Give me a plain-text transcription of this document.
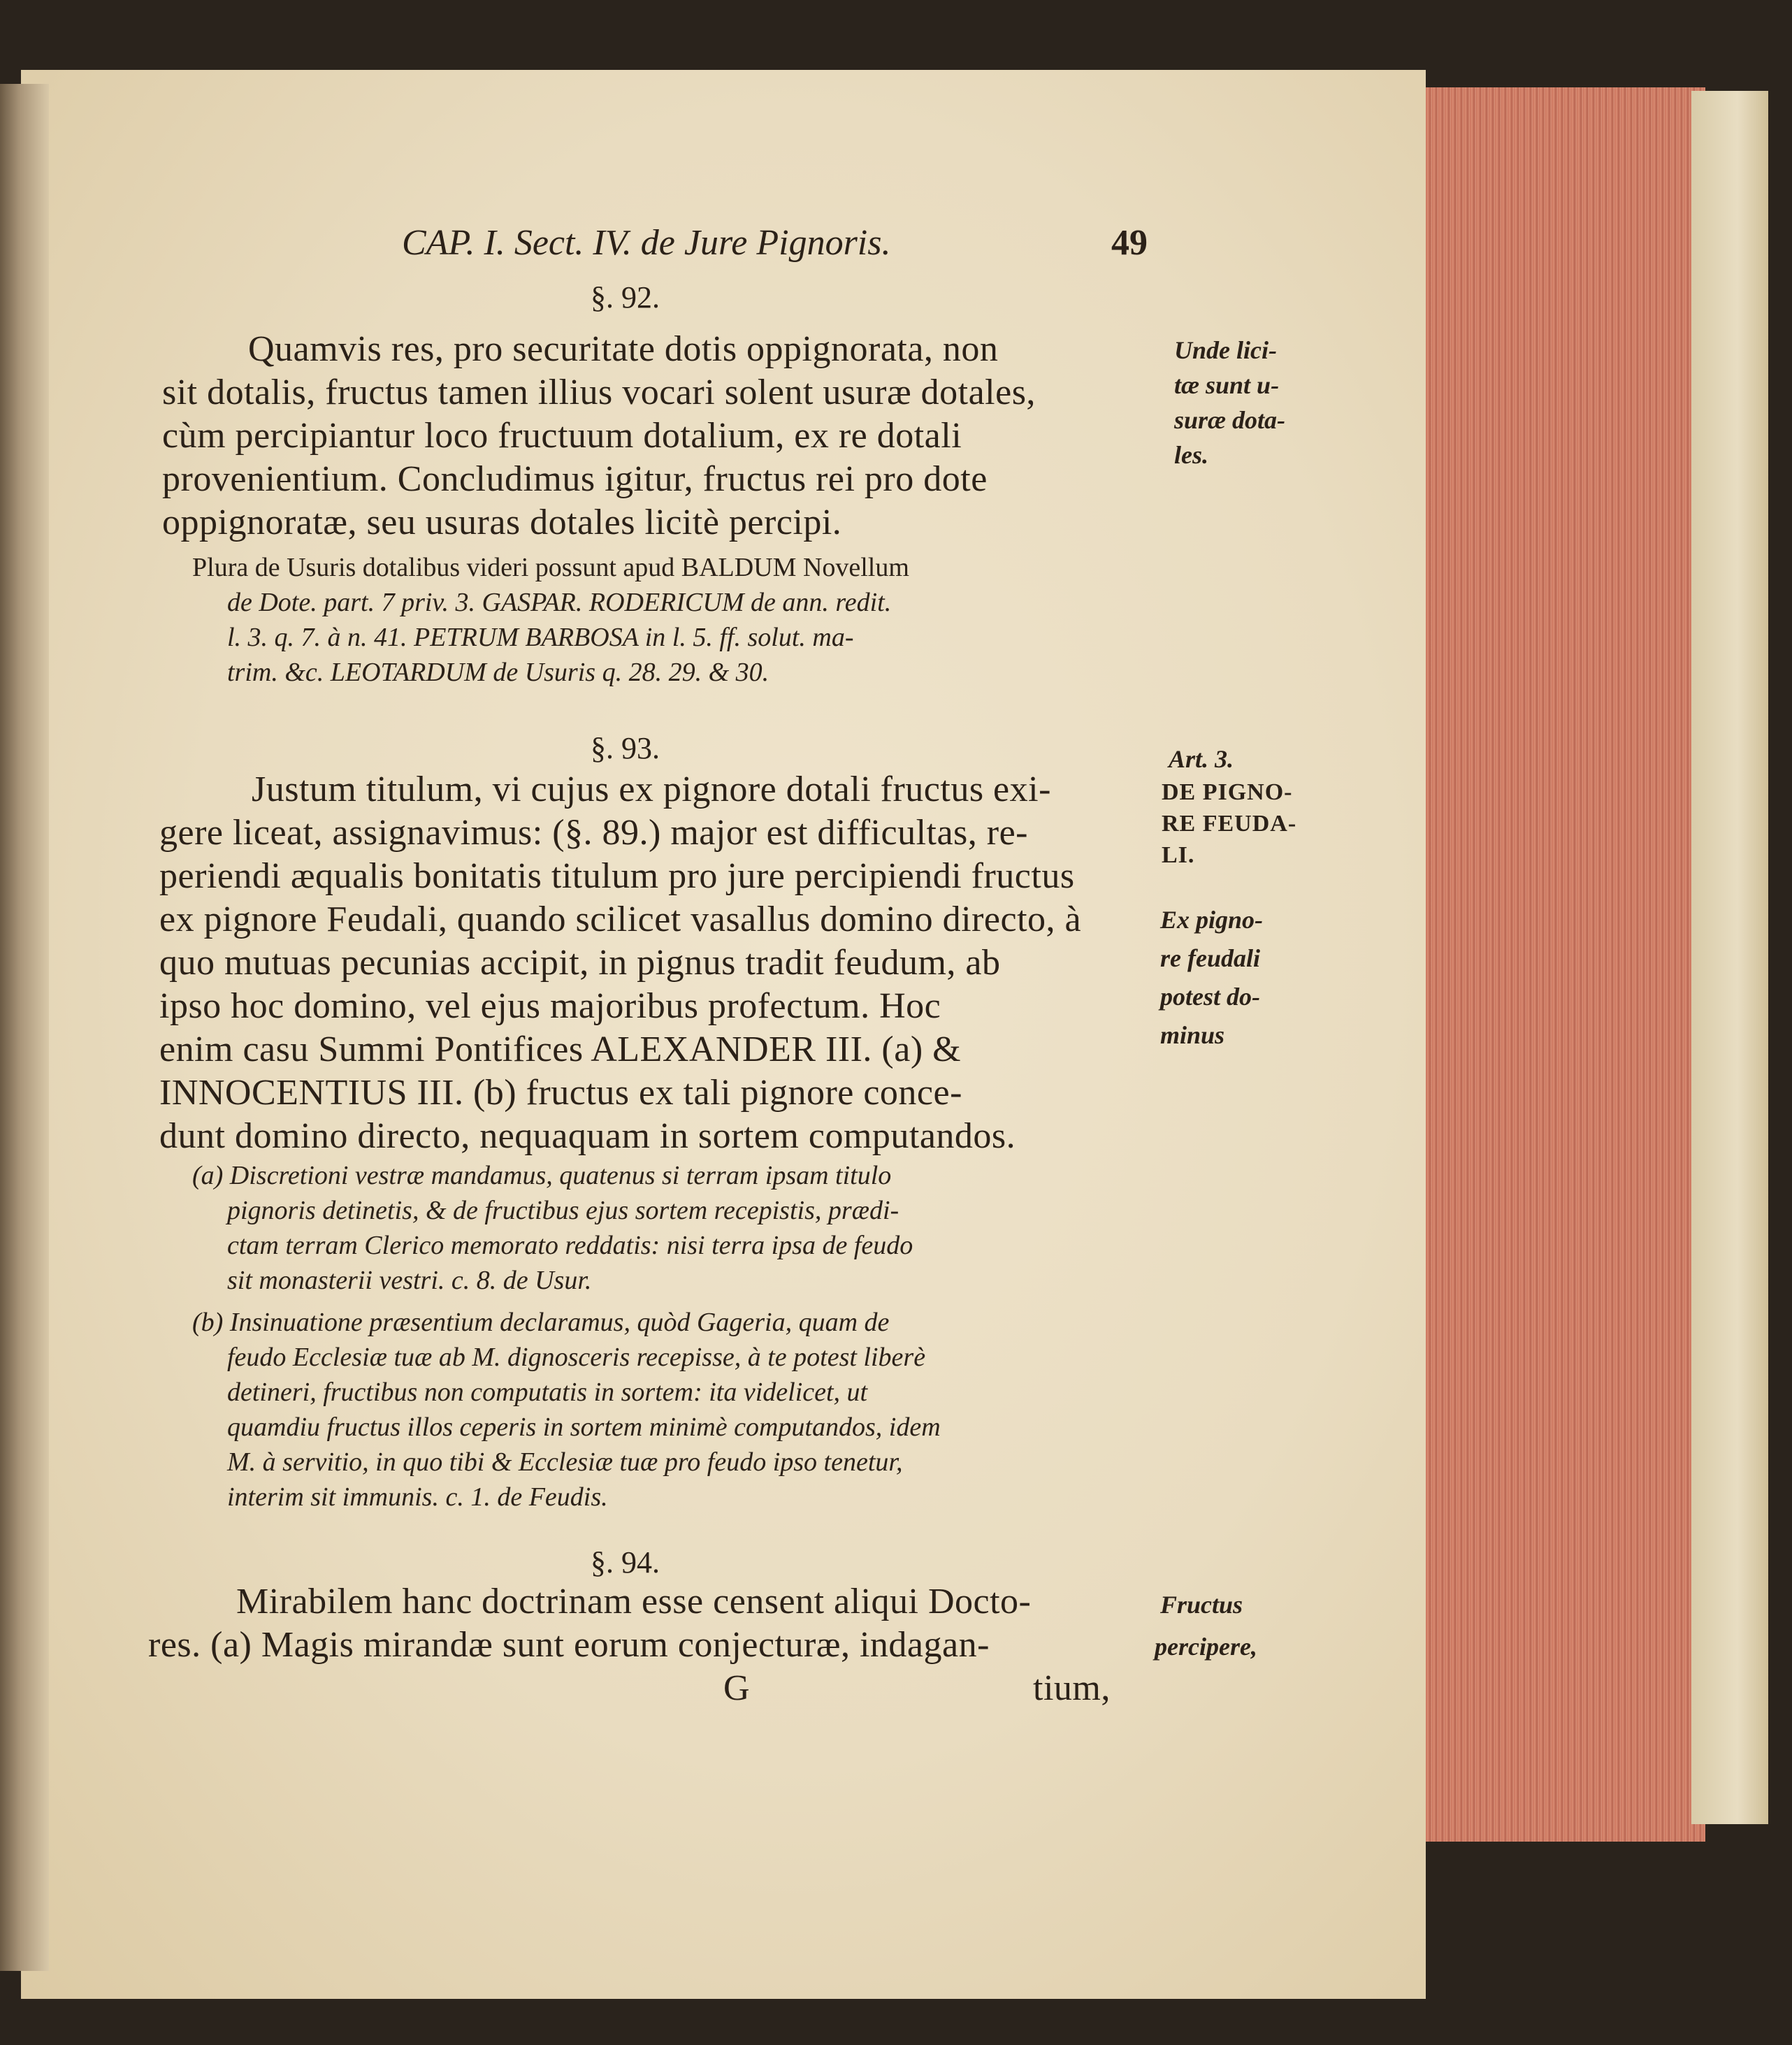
CAP. I. Sect. IV. de Jure Pignoris.	49
§. 92.
Quamvis res, pro securitate dotis oppignorata, non
sit dotalis, fructus tamen illius vocari solent usuræ dotales,
cùm percipiantur loco fructuum dotalium, ex re dotali
provenientium. Concludimus igitur, fructus rei pro dote
oppignoratæ, seu usuras dotales licitè percipi.
Plura de Usuris dotalibus videri possunt apud BALDUM Novellum
de Dote. part. 7 priv. 3. GASPAR. RODERICUM de ann. redit.
l. 3. q. 7. à n. 41. PETRUM BARBOSA in l. 5. ff. solut. ma-
trim. &c. LEOTARDUM de Usuris q. 28. 29. & 30.
§. 93.
Justum titulum, vi cujus ex pignore dotali fructus exi-
gere liceat, assignavimus: (§. 89.) major est difficultas, re-
periendi æqualis bonitatis titulum pro jure percipiendi fructus
ex pignore Feudali, quando scilicet vasallus domino directo, à
quo mutuas pecunias accipit, in pignus tradit feudum, ab
ipso hoc domino, vel ejus majoribus profectum. Hoc
enim casu Summi Pontifices ALEXANDER III. (a) &
INNOCENTIUS III. (b) fructus ex tali pignore conce-
dunt domino directo, nequaquam in sortem computandos.
(a) Discretioni vestræ mandamus, quatenus si terram ipsam titulo
pignoris detinetis, & de fructibus ejus sortem recepistis, prædi-
ctam terram Clerico memorato reddatis: nisi terra ipsa de feudo
sit monasterii vestri. c. 8. de Usur.
(b) Insinuatione præsentium declaramus, quòd Gageria, quam de
feudo Ecclesiæ tuæ ab M. dignosceris recepisse, à te potest liberè
detineri, fructibus non computatis in sortem: ita videlicet, ut
quamdiu fructus illos ceperis in sortem minimè computandos, idem
M. à servitio, in quo tibi & Ecclesiæ tuæ pro feudo ipso tenetur,
interim sit immunis. c. 1. de Feudis.
§. 94.
Mirabilem hanc doctrinam esse censent aliqui Docto-
res. (a) Magis mirandæ sunt eorum conjecturæ, indagan-
G	tium,
Unde lici-
tæ sunt u-
suræ dota-
les.
Art. 3.
DE PIGNO-
RE FEUDA-
LI.
Ex pigno-
re feudali
potest do-
minus
Fructus
percipere,
